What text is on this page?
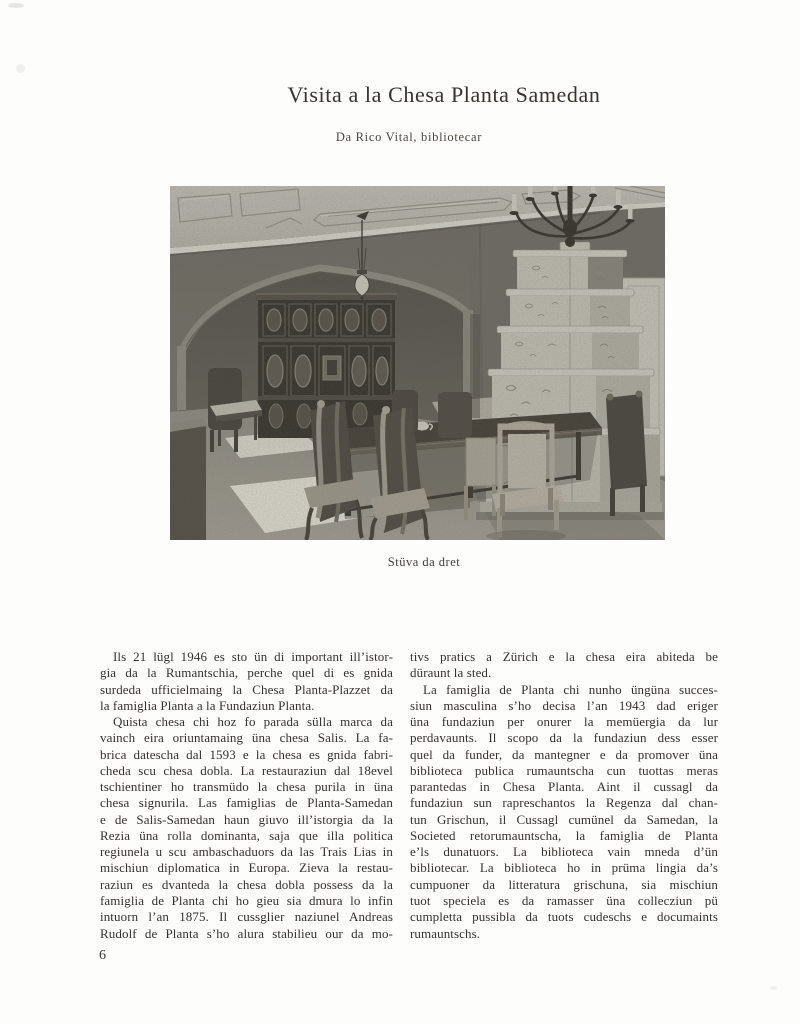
Visita a la Chesa Planta Samedan
Da Rico Vital, bibliotecar
Stüva da dret
Ils 21 lügl 1946 es sto ün di important ill’istor-
gia da la Rumantschia, perche quel di es gnida
surdeda ufficielmaing la Chesa Planta-Plazzet da
la famiglia Planta a la Fundaziun Planta.
Quista chesa chi hoz fo parada sülla marca da
vainch eira oriuntamaing üna chesa Salis. La fa-
brica datescha dal 1593 e la chesa es gnida fabri-
cheda scu chesa dobla. La restauraziun dal 18evel
tschientiner ho transmüdo la chesa purila in üna
chesa signurila. Las famiglias de Planta-Samedan
e de Salis-Samedan haun giuvo ill’istorgia da la
Rezia üna rolla dominanta, saja que illa politica
regiunela u scu ambaschaduors da las Trais Lias in
mischiun diplomatica in Europa. Zieva la restau-
raziun es dvanteda la chesa dobla possess da la
famiglia de Planta chi ho gieu sia dmura lo infin
intuorn l’an 1875. Il cussglier naziunel Andreas
Rudolf de Planta s’ho alura stabilieu our da mo-
tivs pratics a Zürich e la chesa eira abiteda be
düraunt la sted.
La famiglia de Planta chi nunho üngüna succes-
siun masculina s’ho decisa l’an 1943 dad eriger
üna fundaziun per onurer la memüergia da lur
perdavaunts. Il scopo da la fundaziun dess esser
quel da funder, da mantegner e da promover üna
biblioteca publica rumauntscha cun tuottas meras
parantedas in Chesa Planta. Aint il cussagl da
fundaziun sun rapreschantos la Regenza dal chan-
tun Grischun, il Cussagl cumünel da Samedan, la
Societed retorumauntscha, la famiglia de Planta
e’ls dunatuors. La biblioteca vain mneda d’ün
bibliotecar. La biblioteca ho in prüma lingia da’s
cumpuoner da litteratura grischuna, sia mischiun
tuot speciela es da ramasser üna collecziun pü
cumpletta pussibla da tuots cudeschs e documaints
rumauntschs.
6
